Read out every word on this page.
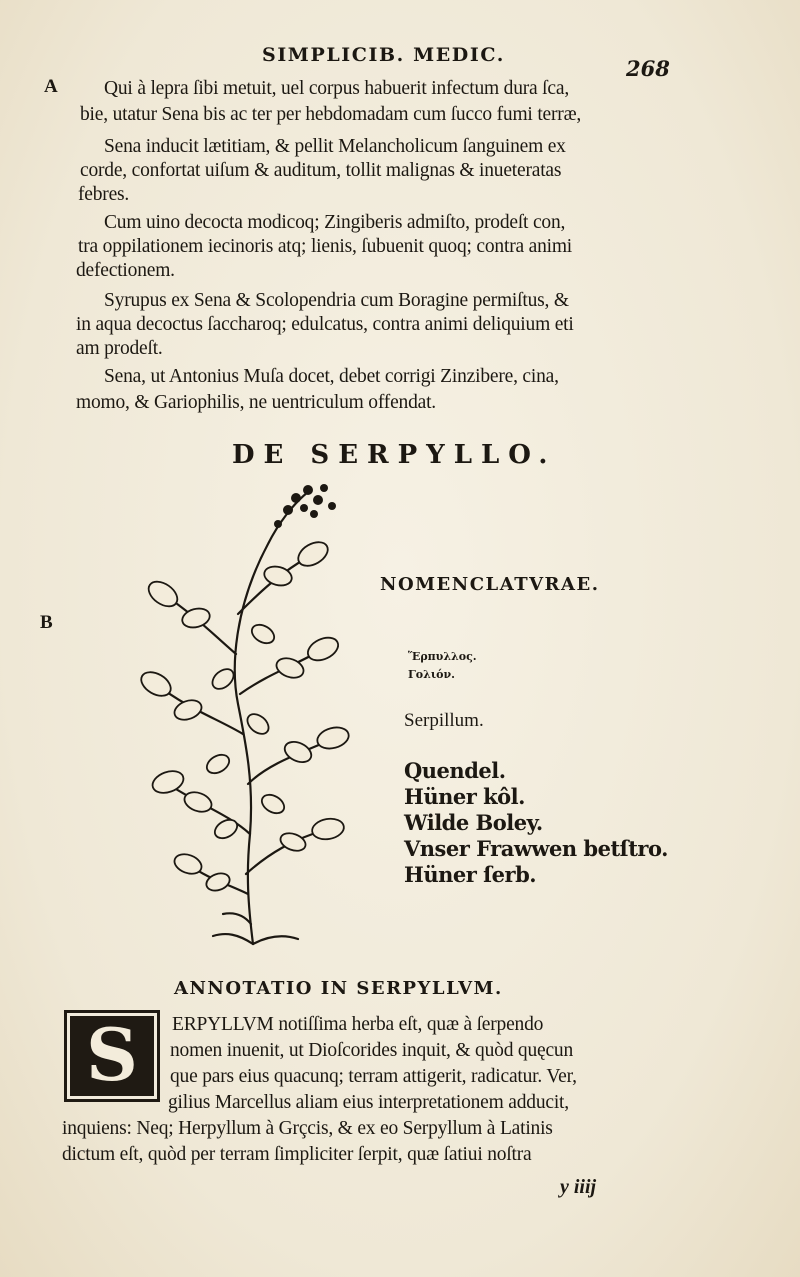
SIMPLICIB. MEDIC.
268
A
B
Qui à lepra ſibi metuit, uel corpus habuerit infectum dura ſca,
bie, utatur Sena bis ac ter per hebdomadam cum ſucco fumi terræ,
Sena inducit lætitiam, & pellit Melancholicum ſanguinem ex
corde, confortat uiſum & auditum, tollit malignas & inueteratas
febres.
Cum uino decocta modicoq; Zingiberis admiſto, prodeſt con,
tra oppilationem iecinoris atq; lienis, ſubuenit quoq; contra animi
defectionem.
Syrupus ex Sena & Scolopendria cum Boragine permiſtus, &
in aqua decoctus ſaccharoq; edulcatus, contra animi deliquium eti
am prodeſt.
Sena, ut Antonius Muſa docet, debet corrigi Zinzibere, cina,
momo, & Gariophilis, ne uentriculum offendat.
DE SERPYLLO.
NOMENCLATVRAE.
Ἕρπυλλος.
Γολιόν.
Serpillum.
Quendel.
Hüner kôl.
Wilde Boley.
Vnser Frawwen betſtro.
Hüner ſerb.
ANNOTATIO IN SERPYLLVM.
S	ERPYLLVM notiſſima herba eſt, quæ à ſerpendo
nomen inuenit, ut Dioſcorides inquit, & quòd quęcun
que pars eius quacunq; terram attigerit, radicatur. Ver,
gilius Marcellus aliam eius interpretationem adducit,
inquiens: Neq; Herpyllum à Grçcis, & ex eo Serpyllum à Latinis
dictum eſt, quòd per terram ſimpliciter ſerpit, quæ ſatiui noſtra
y iiij
